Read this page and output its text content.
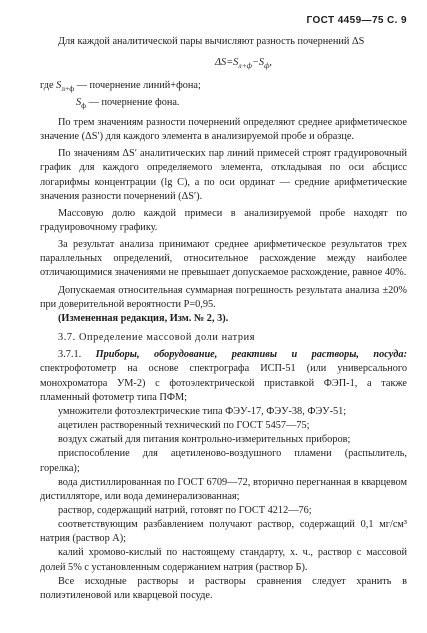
ГОСТ 4459—75 С. 9

Для каждой аналитической пары вычисляют разность почернений ΔS

$\Delta S=S_{л+ф}-S_ф$,

где $S_{л+ф}$ — почернение линий+фона;

$S_ф$ — почернение фона.

По трем значениям разности почернений определяют среднее арифметическое значение (ΔS′) для каждого элемента в анализируемой пробе и образце.

По значениям ΔS′ аналитических пар линий примесей строят градуировочный график для каждого определяемого элемента, откладывая по оси абсцисс логарифмы концентрации (lg C), а по оси ординат — средние арифметические значения разности почернений (ΔS′).

Массовую долю каждой примеси в анализируемой пробе находят по градуировочному графику.

За результат анализа принимают среднее арифметическое результатов трех параллельных определений, относительное расхождение между наиболее отличающимися значениями не превышает допускаемое расхождение, равное 40%.

Допускаемая относительная суммарная погрешность результата анализа ±20% при доверительной вероятности P=0,95.

(Измененная редакция, Изм. № 2, 3).

3.7. Определение массовой доли натрия

3.7.1. Приборы, оборудование, реактивы и растворы, посуда: спектрофотометр на основе спектрографа ИСП-51 (или универсального монохроматора УМ-2) с фотоэлектрической приставкой ФЭП-1, а также пламенный фотометр типа ПФМ;

умножители фотоэлектрические типа ФЭУ-17, ФЭУ-38, ФЭУ-51;

ацетилен растворенный технический по ГОСТ 5457—75;

воздух сжатый для питания контрольно-измерительных приборов;

приспособление для ацетиленово-воздушного пламени (распылитель, горелка);

вода дистиллированная по ГОСТ 6709—72, вторично перегнанная в кварцевом дистилляторе, или вода деминерализованная;

раствор, содержащий натрий, готовят по ГОСТ 4212—76;

соответствующим разбавлением получают раствор, содержащий 0,1 мг/см³ натрия (раствор А);

калий хромово-кислый по настоящему стандарту, х. ч., раствор с массовой долей 5% с установленным содержанием натрия (раствор Б).

Все исходные растворы и растворы сравнения следует хранить в полиэтиленовой или кварцевой посуде.
